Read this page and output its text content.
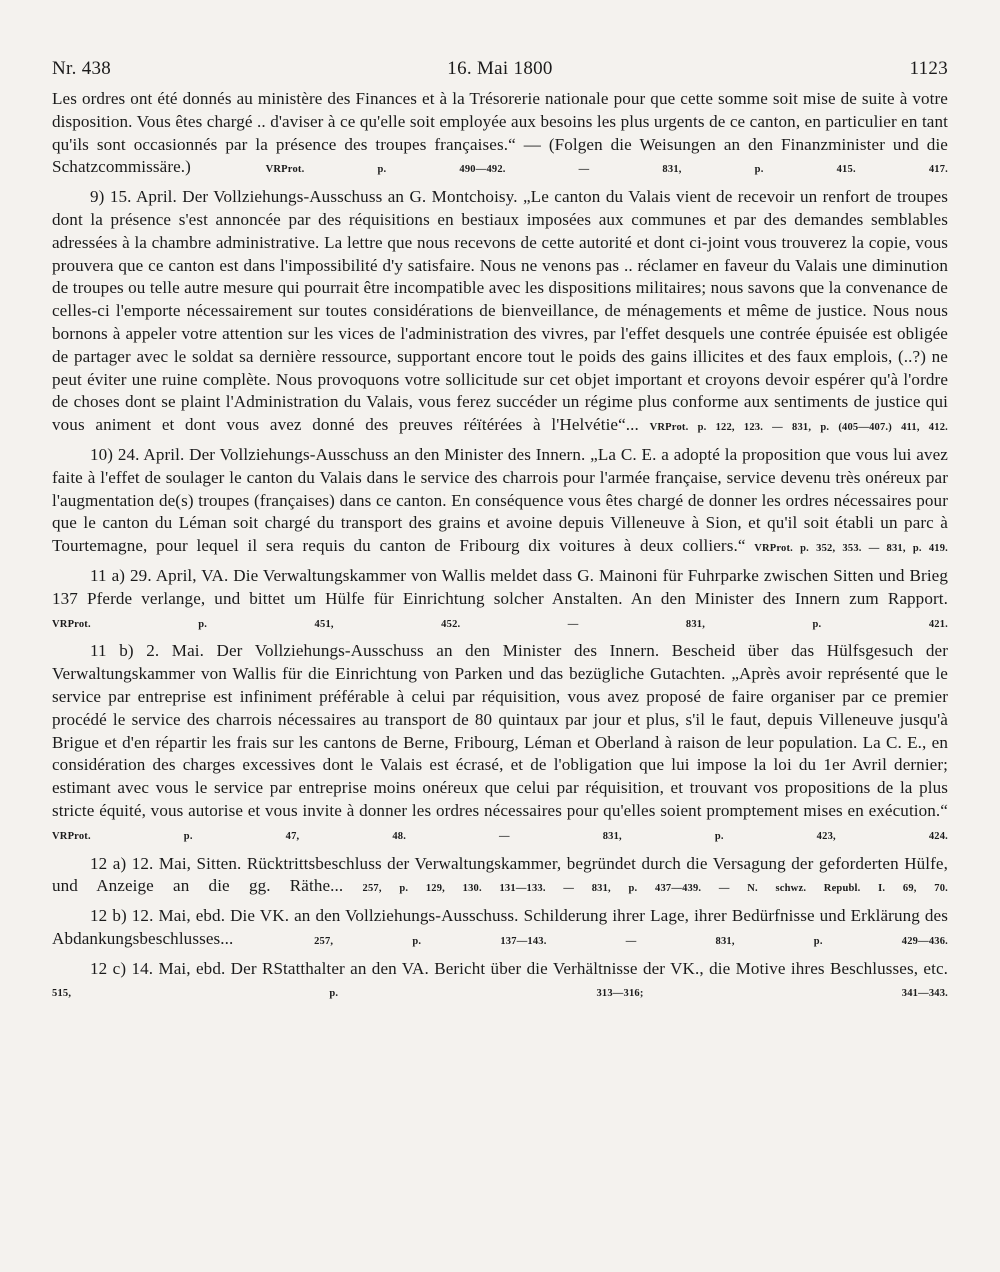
Nr. 438	16. Mai 1800	1123

Les ordres ont été donnés au ministère des Finances et à la Trésorerie nationale pour que cette somme soit mise de suite à votre disposition. Vous êtes chargé .. d'aviser à ce qu'elle soit employée aux besoins les plus urgents de ce canton, en particulier en tant qu'ils sont occasionnés par la présence des troupes françaises.“ — (Folgen die Weisungen an den Finanzminister und die Schatzcommissäre.)	VRProt. p. 490—492. — 831, p. 415. 417.

9) 15. April. Der Vollziehungs-Ausschuss an G. Montchoisy. „Le canton du Valais vient de recevoir un renfort de troupes dont la présence s'est annoncée par des réquisitions en bestiaux imposées aux communes et par des demandes semblables adressées à la chambre administrative. La lettre que nous recevons de cette autorité et dont ci-joint vous trouverez la copie, vous prouvera que ce canton est dans l'impossibilité d'y satisfaire. Nous ne venons pas .. réclamer en faveur du Valais une diminution de troupes ou telle autre mesure qui pourrait être incompatible avec les dispositions militaires; nous savons que la convenance de celles-ci l'emporte nécessairement sur toutes considérations de bienveillance, de ménagements et même de justice. Nous nous bornons à appeler votre attention sur les vices de l'administration des vivres, par l'effet desquels une contrée épuisée est obligée de partager avec le soldat sa dernière ressource, supportant encore tout le poids des gains illicites et des faux emplois, (..?) ne peut éviter une ruine complète. Nous provoquons votre sollicitude sur cet objet important et croyons devoir espérer qu'à l'ordre de choses dont se plaint l'Administration du Valais, vous ferez succéder un régime plus conforme aux sentiments de justice qui vous animent et dont vous avez donné des preuves réïtérées à l'Helvétie“... VRProt. p. 122, 123. — 831, p. (405—407.) 411, 412.

10) 24. April. Der Vollziehungs-Ausschuss an den Minister des Innern. „La C. E. a adopté la proposition que vous lui avez faite à l'effet de soulager le canton du Valais dans le service des charrois pour l'armée française, service devenu très onéreux par l'augmentation de(s) troupes (françaises) dans ce canton. En conséquence vous êtes chargé de donner les ordres nécessaires pour que le canton du Léman soit chargé du transport des grains et avoine depuis Villeneuve à Sion, et qu'il soit établi un parc à Tourtemagne, pour lequel il sera requis du canton de Fribourg dix voitures à deux colliers.“ VRProt. p. 352, 353. — 831, p. 419.

11 a) 29. April, VA. Die Verwaltungskammer von Wallis meldet dass G. Mainoni für Fuhrparke zwischen Sitten und Brieg 137 Pferde verlange, und bittet um Hülfe für Einrichtung solcher Anstalten. An den Minister des Innern zum Rapport. VRProt. p. 451, 452. — 831, p. 421.

11 b) 2. Mai. Der Vollziehungs-Ausschuss an den Minister des Innern. Bescheid über das Hülfsgesuch der Verwaltungskammer von Wallis für die Einrichtung von Parken und das bezügliche Gutachten. „Après avoir représenté que le service par entreprise est infiniment préférable à celui par réquisition, vous avez proposé de faire organiser par ce premier procédé le service des charrois nécessaires au transport de 80 quintaux par jour et plus, s'il le faut, depuis Villeneuve jusqu'à Brigue et d'en répartir les frais sur les cantons de Berne, Fribourg, Léman et Oberland à raison de leur population. La C. E., en considération des charges excessives dont le Valais est écrasé, et de l'obligation que lui impose la loi du 1er Avril dernier; estimant avec vous le service par entreprise moins onéreux que celui par réquisition, et trouvant vos propositions de la plus stricte équité, vous autorise et vous invite à donner les ordres nécessaires pour qu'elles soient promptement mises en exécution.“ VRProt. p. 47, 48. — 831, p. 423, 424.

12 a) 12. Mai, Sitten. Rücktrittsbeschluss der Verwaltungskammer, begründet durch die Versagung der geforderten Hülfe, und Anzeige an die gg. Räthe... 257, p. 129, 130. 131—133. — 831, p. 437—439. — N. schwz. Republ. I. 69, 70.

12 b) 12. Mai, ebd. Die VK. an den Vollziehungs-Ausschuss. Schilderung ihrer Lage, ihrer Bedürfnisse und Erklärung des Abdankungsbeschlusses...	257, p. 137—143. — 831, p. 429—436.

12 c) 14. Mai, ebd. Der RStatthalter an den VA. Bericht über die Verhältnisse der VK., die Motive ihres Beschlusses, etc. 515, p. 313—316; 341—343.
